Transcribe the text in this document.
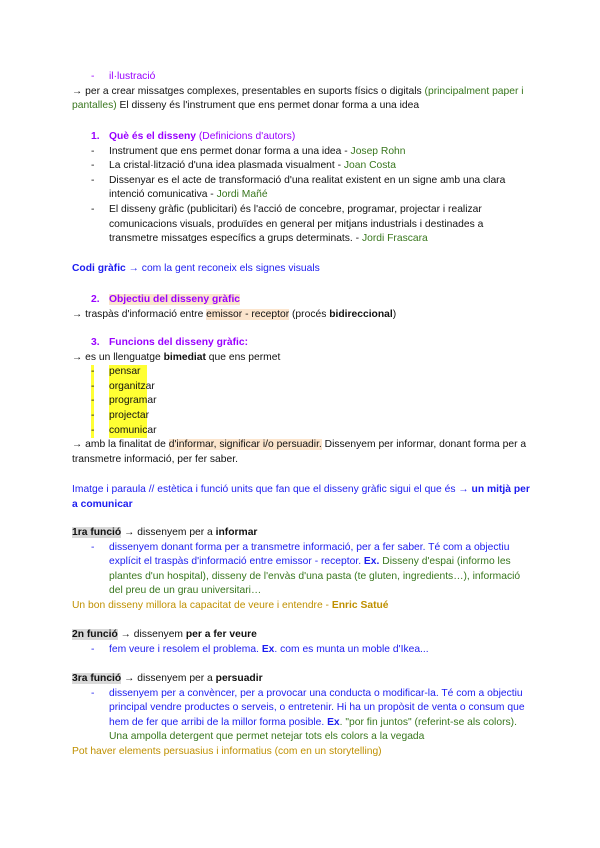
- il·lustració
→ per a crear missatges complexes, presentables en suports físics o digitals (principalment paper i pantalles) El disseny és l'instrument que ens permet donar forma a una idea
1. Què és el disseny (Definicions d'autors)
- Instrument que ens permet donar forma a una idea - Josep Rohn
- La cristal·lització d'una idea plasmada visualment - Joan Costa
- Dissenyar es el acte de transformació d'una realitat existent en un signe amb una clara intenció comunicativa - Jordi Mañé
- El disseny gràfic (publicitari) és l'acció de concebre, programar, projectar i realizar comunicacions visuals, produïdes en general per mitjans industrials i destinades a transmetre missatges específics a grups determinats. - Jordi Frascara
Codi gràfic → com la gent reconeix els signes visuals
2. Objectiu del disseny gràfic
→ traspàs d'informació entre emissor - receptor (procés bidireccional)
3. Funcions del disseny gràfic:
→ es un llenguatge bimediat que ens permet
- pensar
- organitzar
- programar
- projectar
- comunicar
→ amb la finalitat de d'informar, significar i/o persuadir. Dissenyem per informar, donant forma per a transmetre informació, per fer saber.
Imatge i paraula // estètica i funció units que fan que el disseny gràfic sigui el que és → un mitjà per a comunicar
1ra funció → dissenyem per a informar
- dissenyem donant forma per a transmetre informació, per a fer saber. Té com a objectiu explícit el traspàs d'informació entre emissor - receptor. Ex. Disseny d'espai (informo les plantes d'un hospital), disseny de l'envàs d'una pasta (te gluten, ingredients…), informació del preu de un grau universitari…
Un bon disseny millora la capacitat de veure i entendre - Enric Satué
2n funció → dissenyem per a fer veure
- fem veure i resolem el problema. Ex. com es munta un moble d'Ikea...
3ra funció → dissenyem per a persuadir
- dissenyem per a convèncer, per a provocar una conducta o modificar-la. Té com a objectiu principal vendre productes o serveis, o entretenir. Hi ha un propòsit de venta o consum que hem de fer que arribi de la millor forma posible. Ex. "por fin juntos" (referint-se als colors). Una ampolla detergent que permet netejar tots els colors a la vegada
Pot haver elements persuasius i informatius (com en un storytelling)
